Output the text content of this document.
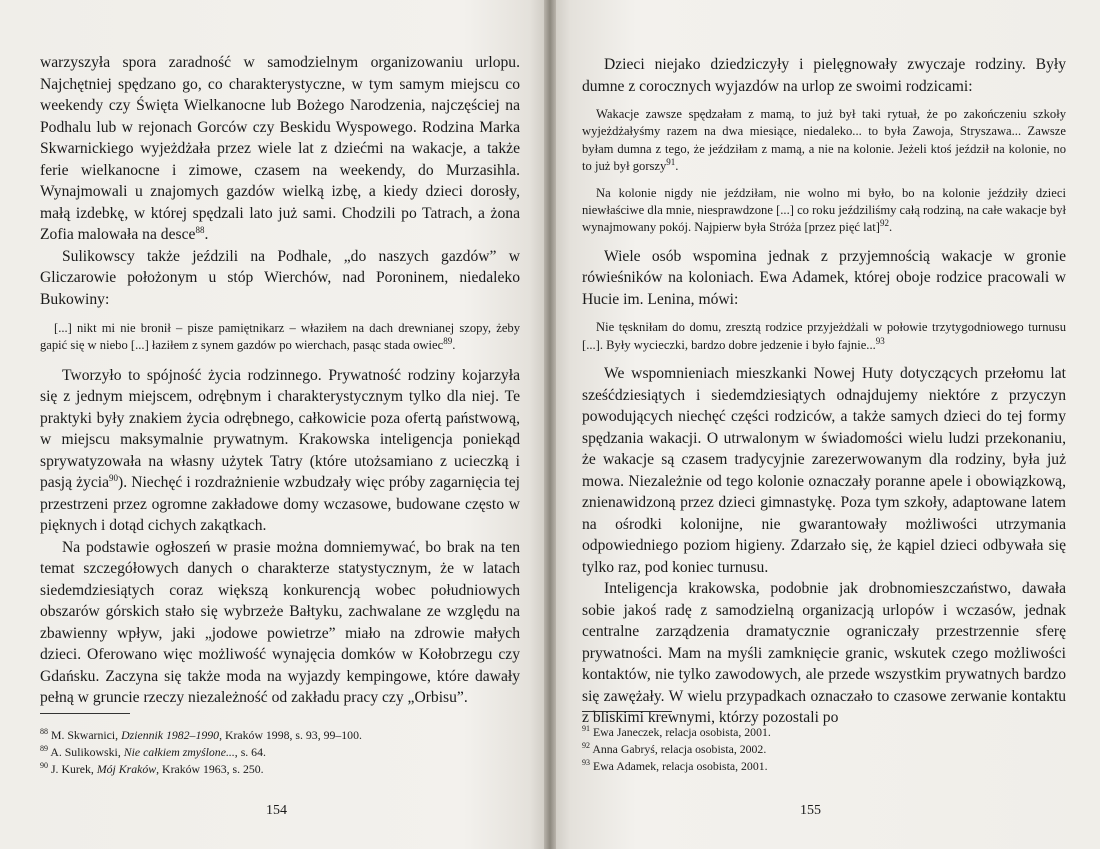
warzyszyła spora zaradność w samodzielnym organizowaniu urlopu. Najchętniej spędzano go, co charakterystyczne, w tym samym miejscu co weekendy czy Święta Wielkanocne lub Bożego Narodzenia, najczęściej na Podhalu lub w rejonach Gorców czy Beskidu Wyspowego. Rodzina Marka Skwarnickiego wyjeżdżała przez wiele lat z dziećmi na wakacje, a także ferie wielkanocne i zimowe, czasem na weekendy, do Murzasihla. Wynajmowali u znajomych gazdów wielką izbę, a kiedy dzieci dorosły, małą izdebkę, w której spędzali lato już sami. Chodzili po Tatrach, a żona Zofia malowała na desce$^{88}$.

Sulikowscy także jeździli na Podhale, „do naszych gazdów” w Gliczarowie położonym u stóp Wierchów, nad Poroninem, niedaleko Bukowiny:

[...] nikt mi nie bronił – pisze pamiętnikarz – właziłem na dach drewnianej szopy, żeby gapić się w niebo [...] łaziłem z synem gazdów po wierchach, pasąc stada owiec$^{89}$.

Tworzyło to spójność życia rodzinnego. Prywatność rodziny kojarzyła się z jednym miejscem, odrębnym i charakterystycznym tylko dla niej. Te praktyki były znakiem życia odrębnego, całkowicie poza ofertą państwową, w miejscu maksymalnie prywatnym. Krakowska inteligencja poniekąd sprywatyzowała na własny użytek Tatry (które utożsamiano z ucieczką i pasją życia$^{90}$). Niechęć i rozdrażnienie wzbudzały więc próby zagarnięcia tej przestrzeni przez ogromne zakładowe domy wczasowe, budowane często w pięknych i dotąd cichych zakątkach.

Na podstawie ogłoszeń w prasie można domniemywać, bo brak na ten temat szczegółowych danych o charakterze statystycznym, że w latach siedemdziesiątych coraz większą konkurencją wobec południowych obszarów górskich stało się wybrzeże Bałtyku, zachwalane ze względu na zbawienny wpływ, jaki „jodowe powietrze” miało na zdrowie małych dzieci. Oferowano więc możliwość wynajęcia domków w Kołobrzegu czy Gdańsku. Zaczyna się także moda na wyjazdy kempingowe, które dawały pełną w gruncie rzeczy niezależność od zakładu pracy czy „Orbisu”.

$^{88}$ M. Skwarnici, Dziennik 1982–1990, Kraków 1998, s. 93, 99–100.
$^{89}$ A. Sulikowski, Nie całkiem zmyślone..., s. 64.
$^{90}$ J. Kurek, Mój Kraków, Kraków 1963, s. 250.
154

Dzieci niejako dziedziczyły i pielęgnowały zwyczaje rodziny. Były dumne z corocznych wyjazdów na urlop ze swoimi rodzicami:

Wakacje zawsze spędzałam z mamą, to już był taki rytuał, że po zakończeniu szkoły wyjeżdżałyśmy razem na dwa miesiące, niedaleko... to była Zawoja, Stryszawa... Zawsze byłam dumna z tego, że jeździłam z mamą, a nie na kolonie. Jeżeli ktoś jeździł na kolonie, no to już był gorszy$^{91}$.

Na kolonie nigdy nie jeździłam, nie wolno mi było, bo na kolonie jeździły dzieci niewłaściwe dla mnie, niesprawdzone [...] co roku jeździliśmy całą rodziną, na całe wakacje był wynajmowany pokój. Najpierw była Stróża [przez pięć lat]$^{92}$.

Wiele osób wspomina jednak z przyjemnością wakacje w gronie rówieśników na koloniach. Ewa Adamek, której oboje rodzice pracowali w Hucie im. Lenina, mówi:

Nie tęskniłam do domu, zresztą rodzice przyjeżdżali w połowie trzytygodniowego turnusu [...]. Były wycieczki, bardzo dobre jedzenie i było fajnie...$^{93}$

We wspomnieniach mieszkanki Nowej Huty dotyczących przełomu lat sześćdziesiątych i siedemdziesiątych odnajdujemy niektóre z przyczyn powodujących niechęć części rodziców, a także samych dzieci do tej formy spędzania wakacji. O utrwalonym w świadomości wielu ludzi przekonaniu, że wakacje są czasem tradycyjnie zarezerwowanym dla rodziny, była już mowa. Niezależnie od tego kolonie oznaczały poranne apele i obowiązkową, znienawidzoną przez dzieci gimnastykę. Poza tym szkoły, adaptowane latem na ośrodki kolonijne, nie gwarantowały możliwości utrzymania odpowiedniego poziom higieny. Zdarzało się, że kąpiel dzieci odbywała się tylko raz, pod koniec turnusu.

Inteligencja krakowska, podobnie jak drobnomieszczaństwo, dawała sobie jakoś radę z samodzielną organizacją urlopów i wczasów, jednak centralne zarządzenia dramatycznie ograniczały przestrzennie sferę prywatności. Mam na myśli zamknięcie granic, wskutek czego możliwości kontaktów, nie tylko zawodowych, ale przede wszystkim prywatnych bardzo się zawężały. W wielu przypadkach oznaczało to czasowe zerwanie kontaktu z bliskimi krewnymi, którzy pozostali po

$^{91}$ Ewa Janeczek, relacja osobista, 2001.
$^{92}$ Anna Gabryś, relacja osobista, 2002.
$^{93}$ Ewa Adamek, relacja osobista, 2001.
155
